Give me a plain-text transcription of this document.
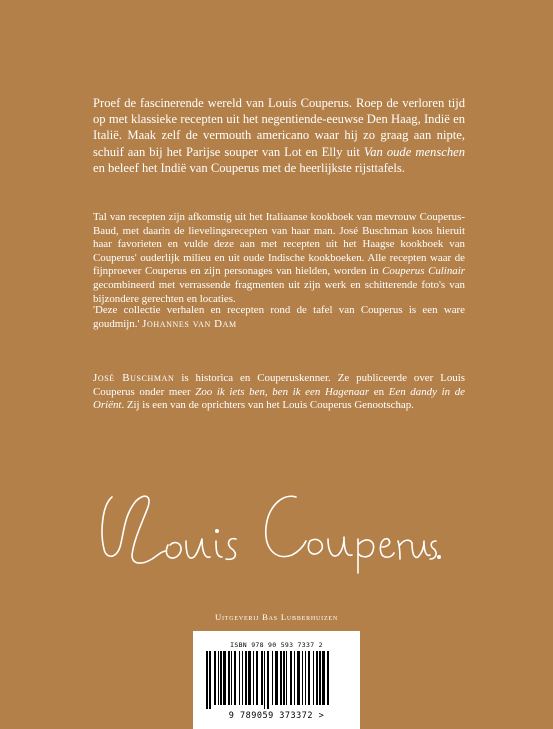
Proef de fascinerende wereld van Louis Couperus. Roep de verloren tijd op met klassieke recepten uit het negentiende-eeuwse Den Haag, Indië en Italië. Maak zelf de vermouth americano waar hij zo graag aan nipte, schuif aan bij het Parijse souper van Lot en Elly uit Van oude menschen en beleef het Indië van Couperus met de heerlijkste rijsttafels.

Tal van recepten zijn afkomstig uit het Italiaanse kookboek van mevrouw Couperus-Baud, met daarin de lievelingsrecepten van haar man. José Buschman koos hieruit haar favorieten en vulde deze aan met recepten uit het Haagse kookboek van Couperus' ouderlijk milieu en uit oude Indische kookboeken. Alle recepten waar de fijnproever Couperus en zijn personages van hielden, worden in Couperus Culinair gecombineerd met verrassende fragmenten uit zijn werk en schitterende foto's van bijzondere gerechten en locaties.

'Deze collectie verhalen en recepten rond de tafel van Couperus is een ware goudmijn.' Johannes van Dam

José Buschman is historica en Couperuskenner. Ze publiceerde over Louis Couperus onder meer Zoo ik iets ben, ben ik een Hagenaar en Een dandy in de Oriënt. Zij is een van de oprichters van het Louis Couperus Genootschap.

Uitgeverij Bas Lubberhuizen
ISBN 978 90 593 7337 2
9 789059 373372 >
